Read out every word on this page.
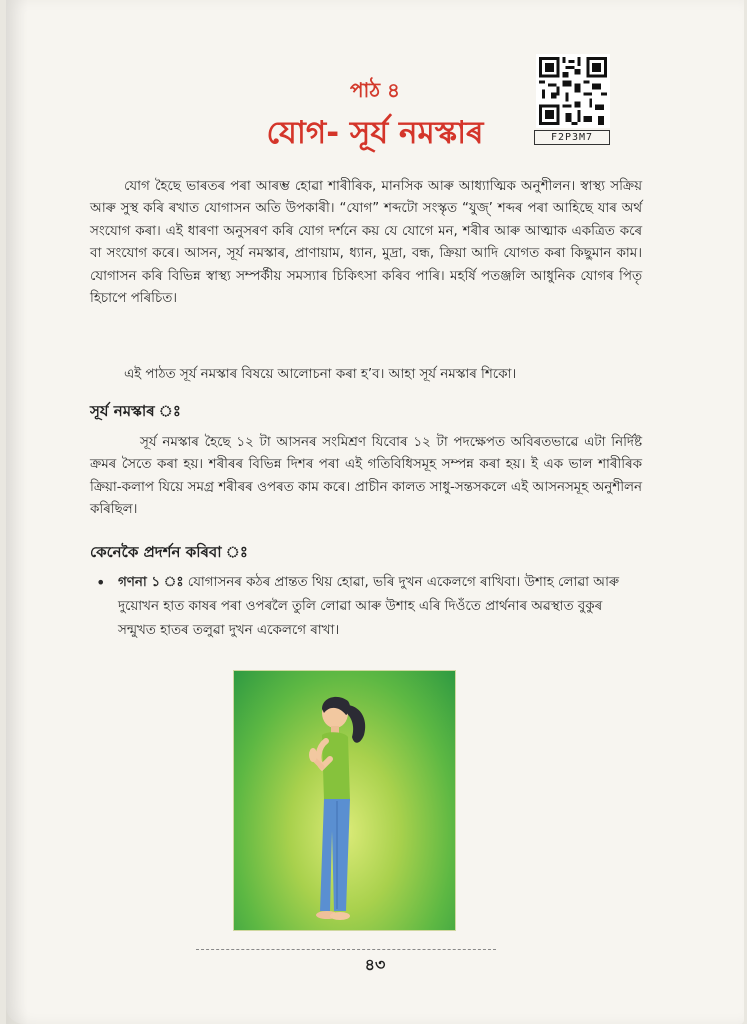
F2P3M7
পাঠ ৪
যোগ- সূৰ্য নমস্কাৰ
যোগ হৈছে ভাৰতৰ পৰা আৰম্ভ হোৱা শাৰীৰিক, মানসিক আৰু আধ্যাত্মিক অনুশীলন। স্বাস্থ্য সক্ৰিয় আৰু সুস্থ কৰি ৰখাত যোগাসন অতি উপকাৰী। “যোগ” শব্দটো সংস্কৃত “যুজ্’ শব্দৰ পৰা আহিছে যাৰ অৰ্থ সংযোগ কৰা। এই ধাৰণা অনুসৰণ কৰি যোগ দৰ্শনে কয় যে যোগে মন, শৰীৰ আৰু আত্মাক একত্ৰিত কৰে বা সংযোগ কৰে। আসন, সূৰ্য নমস্কাৰ, প্ৰাণায়াম, ধ্যান, মুদ্ৰা, বন্ধ, ক্ৰিয়া আদি যোগত কৰা কিছুমান কাম। যোগাসন কৰি বিভিন্ন স্বাস্থ্য সম্পৰ্কীয় সমস্যাৰ চিকিৎসা কৰিব পাৰি। মহৰ্ষি পতঞ্জলি আধুনিক যোগৰ পিতৃ হিচাপে পৰিচিত।
এই পাঠত সূৰ্য নমস্কাৰ বিষয়ে আলোচনা কৰা হ’ব। আহা সূৰ্য নমস্কাৰ শিকো।
সূৰ্য নমস্কাৰ ঃ
সূৰ্য নমস্কাৰ হৈছে ১২ টা আসনৰ সংমিশ্ৰণ যিবোৰ ১২ টা পদক্ষেপত অবিৰতভাৱে এটা নিৰ্দিষ্ট ক্ৰমৰ সৈতে কৰা হয়। শৰীৰৰ বিভিন্ন দিশৰ পৰা এই গতিবিধিসমূহ সম্পন্ন কৰা হয়। ই এক ভাল শাৰীৰিক ক্ৰিয়া-কলাপ যিয়ে সমগ্ৰ শৰীৰৰ ওপৰত কাম কৰে। প্ৰাচীন কালত সাধু-সন্তসকলে এই আসনসমূহ অনুশীলন কৰিছিল।
কেনেকৈ প্ৰদৰ্শন কৰিবা ঃ
• গণনা ১ ঃ যোগাসনৰ কঠৰ প্ৰান্তত থিয় হোৱা, ভৰি দুখন একেলগে ৰাখিবা। উশাহ লোৱা আৰু দুয়োখন হাত কাষৰ পৰা ওপৰলৈ তুলি লোৱা আৰু উশাহ এৰি দিওঁতে প্ৰাৰ্থনাৰ অৱস্থাত বুকুৰ সন্মুখত হাতৰ তলুৱা দুখন একেলগে ৰাখা।
৪৩
